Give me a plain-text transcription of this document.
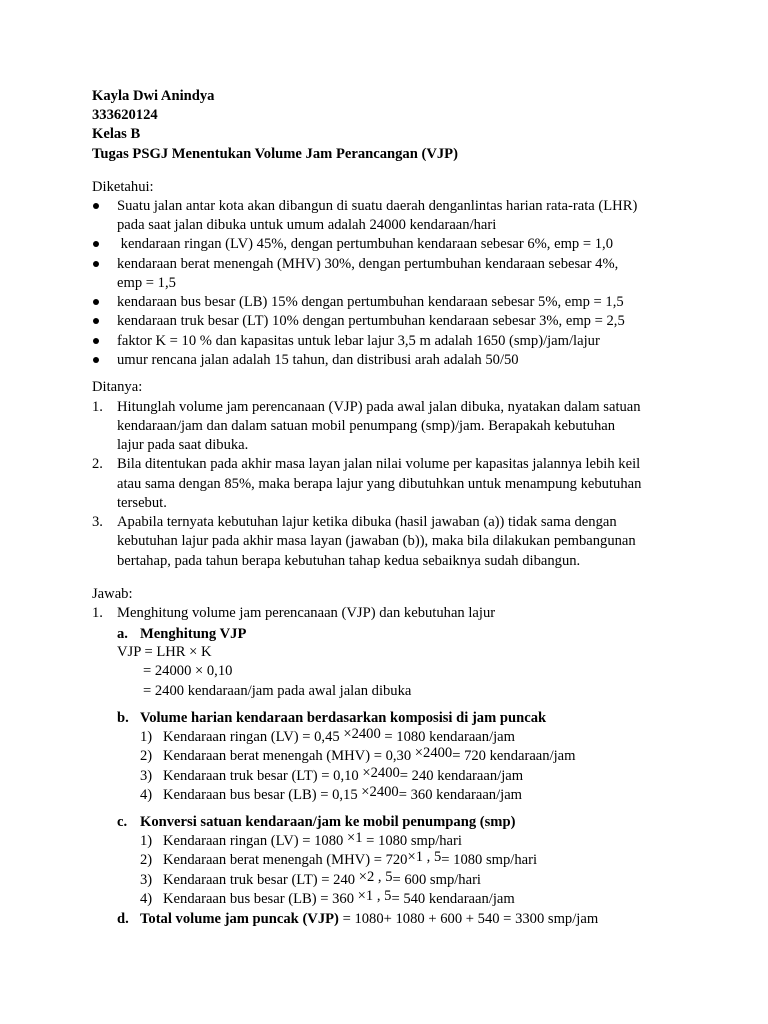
Kayla Dwi Anindya
333620124
Kelas B
Tugas PSGJ Menentukan Volume Jam Perancangan (VJP)
Diketahui:
Suatu jalan antar kota akan dibangun di suatu daerah denganlintas harian rata-rata (LHR)
pada saat jalan dibuka untuk umum adalah 24000 kendaraan/hari
kendaraan ringan (LV) 45%, dengan pertumbuhan kendaraan sebesar 6%, emp = 1,0
kendaraan berat menengah (MHV) 30%, dengan pertumbuhan kendaraan sebesar 4%,
emp = 1,5
kendaraan bus besar (LB) 15% dengan pertumbuhan kendaraan sebesar 5%, emp = 1,5
kendaraan truk besar (LT) 10% dengan pertumbuhan kendaraan sebesar 3%, emp = 2,5
faktor K = 10 % dan kapasitas untuk lebar lajur 3,5 m adalah 1650 (smp)/jam/lajur
umur rencana jalan adalah 15 tahun, dan distribusi arah adalah 50/50
Ditanya:
1. Hitunglah volume jam perencanaan (VJP) pada awal jalan dibuka, nyatakan dalam satuan
kendaraan/jam dan dalam satuan mobil penumpang (smp)/jam. Berapakah kebutuhan
lajur pada saat dibuka.
2. Bila ditentukan pada akhir masa layan jalan nilai volume per kapasitas jalannya lebih keil
atau sama dengan 85%, maka berapa lajur yang dibutuhkan untuk menampung kebutuhan
tersebut.
3. Apabila ternyata kebutuhan lajur ketika dibuka (hasil jawaban (a)) tidak sama dengan
kebutuhan lajur pada akhir masa layan (jawaban (b)), maka bila dilakukan pembangunan
bertahap, pada tahun berapa kebutuhan tahap kedua sebaiknya sudah dibangun.
Jawab:
1. Menghitung volume jam perencanaan (VJP) dan kebutuhan lajur
a. Menghitung VJP
VJP = LHR × K
= 24000 × 0,10
= 2400 kendaraan/jam pada awal jalan dibuka
b. Volume harian kendaraan berdasarkan komposisi di jam puncak
1) Kendaraan ringan (LV) = 0,45 ×2400 = 1080 kendaraan/jam
2) Kendaraan berat menengah (MHV) = 0,30 ×2400= 720 kendaraan/jam
3) Kendaraan truk besar (LT) = 0,10 ×2400= 240 kendaraan/jam
4) Kendaraan bus besar (LB) = 0,15 ×2400= 360 kendaraan/jam
c. Konversi satuan kendaraan/jam ke mobil penumpang (smp)
1) Kendaraan ringan (LV) = 1080 ×1 = 1080 smp/hari
2) Kendaraan berat menengah (MHV) = 720×1 , 5= 1080 smp/hari
3) Kendaraan truk besar (LT) = 240 ×2 , 5= 600 smp/hari
4) Kendaraan bus besar (LB) = 360 ×1 , 5= 540 kendaraan/jam
d. Total volume jam puncak (VJP) = 1080+ 1080 + 600 + 540 = 3300 smp/jam
